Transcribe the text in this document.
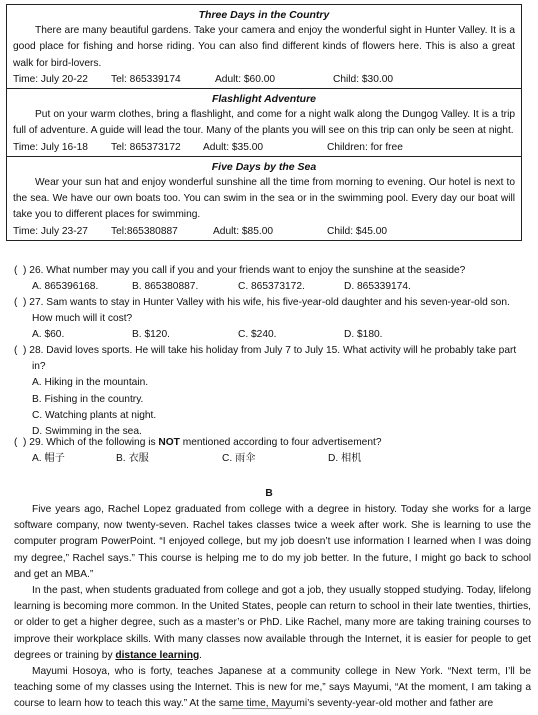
Three Days in the Country
There are many beautiful gardens. Take your camera and enjoy the wonderful sight in Hunter Valley. It is a good place for fishing and horse riding. You can also find different kinds of flowers here. This is also a great walk for bird-lovers.
Time: July 20-22	Tel: 865339174	Adult: $60.00	Child: $30.00
Flashlight Adventure
Put on your warm clothes, bring a flashlight, and come for a night walk along the Dungog Valley. It is a trip full of adventure. A guide will lead the tour. Many of the plants you will see on this trip can only be seen at night.
Time: July 16-18	Tel: 865373172	Adult: $35.00	Children: for free
Five Days by the Sea
Wear your sun hat and enjoy wonderful sunshine all the time from morning to evening. Our hotel is next to the sea. We have our own boats too. You can swim in the sea or in the swimming pool. Every day our boat will take you to different places for swimming.
Time: July 23-27	Tel:865380887	Adult: $85.00	Child: $45.00
(  ) 26. What number may you call if you and your friends want to enjoy the sunshine at the seaside?
A. 865396168.	B. 865380887.	C. 865373172.	D. 865339174.
(  ) 27. Sam wants to stay in Hunter Valley with his wife, his five-year-old daughter and his seven-year-old son.
How much will it cost?
A. $60.	B. $120.	C. $240.	D. $180.
(  ) 28. David loves sports. He will take his holiday from July 7 to July 15. What activity will he probably take part
in?
A. Hiking in the mountain.
B. Fishing in the country.
C. Watching plants at night.
D. Swimming in the sea.
(  ) 29. Which of the following is NOT mentioned according to four advertisement?
A. 帽子	B. 衣服	C. 雨伞	D. 相机
B

Five years ago, Rachel Lopez graduated from college with a degree in history. Today she works for a large software company, now twenty-seven. Rachel takes classes twice a week after work. She is learning to use the computer program PowerPoint. “I enjoyed college, but my job doesn’t use information I learned when I was doing my degree,” Rachel says.” This course is helping me to do my job better. In the future, I might go back to school and get an MBA.”

In the past, when students graduated from college and got a job, they usually stopped studying. Today, lifelong learning is becoming more common. In the United States, people can return to school in their late twenties, thirties, or older to get a higher degree, such as a master’s or PhD. Like Rachel, many more are taking training courses to improve their workplace skills. With many classes now available through the Internet, it is easier for people to get degrees or training by distance learning.

Mayumi Hosoya, who is forty, teaches Japanese at a community college in New York. “Next term, I’ll be teaching some of my classes using the Internet. This is new for me,” says Mayumi, “At the moment, I am taking a course to learn how to teach this way.” At the same time, Mayumi’s seventy-year-old mother and father are
